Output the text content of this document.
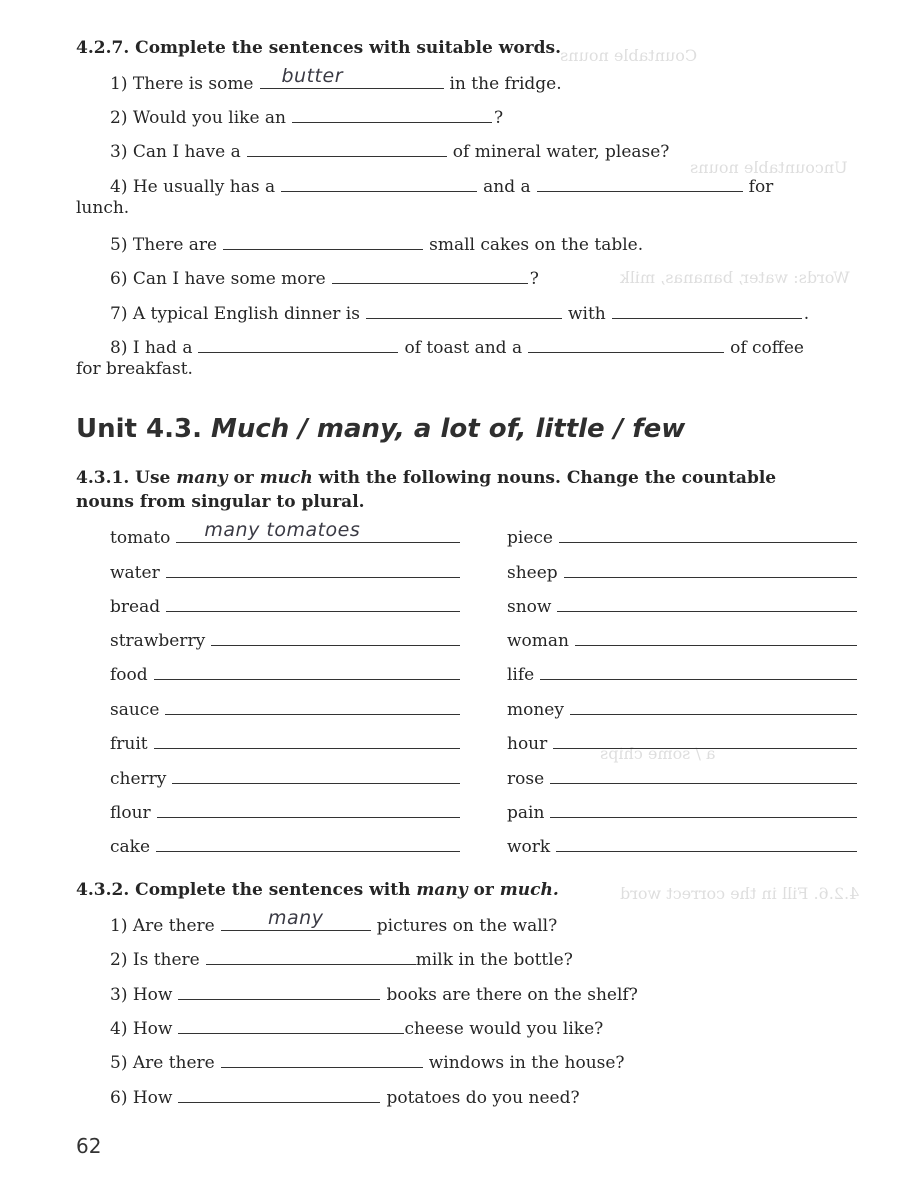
Countable nouns
Uncountable nouns
Words: water, bananas, milk
a / some chips
4.2.6. Fill in the correct word
4.2.7. Complete the sentences with suitable words.
1) There is some	butter	in the fridge.
2) Would you like an	?
3) Can I have a	of mineral water, please?
4) He usually has a	and a	for
lunch.
5) There are	small cakes on the table.
6) Can I have some more	?
7) A typical English dinner is	with	.
8) I had a	of toast and a	of coffee
for breakfast.
Unit 4.3. Much / many, a lot of, little / few
4.3.1. Use many or much with the following nouns. Change the countable
nouns from singular to plural.
tomato	many tomatoes
water
bread
strawberry
food
sauce
fruit
cherry
flour
cake
piece
sheep
snow
woman
life
money
hour
rose
pain
work
4.3.2. Complete the sentences with many or much.
1) Are there	many	pictures on the wall?
2) Is there	milk in the bottle?
3) How	books are there on the shelf?
4) How	cheese would you like?
5) Are there	windows in the house?
6) How	potatoes do you need?
62
